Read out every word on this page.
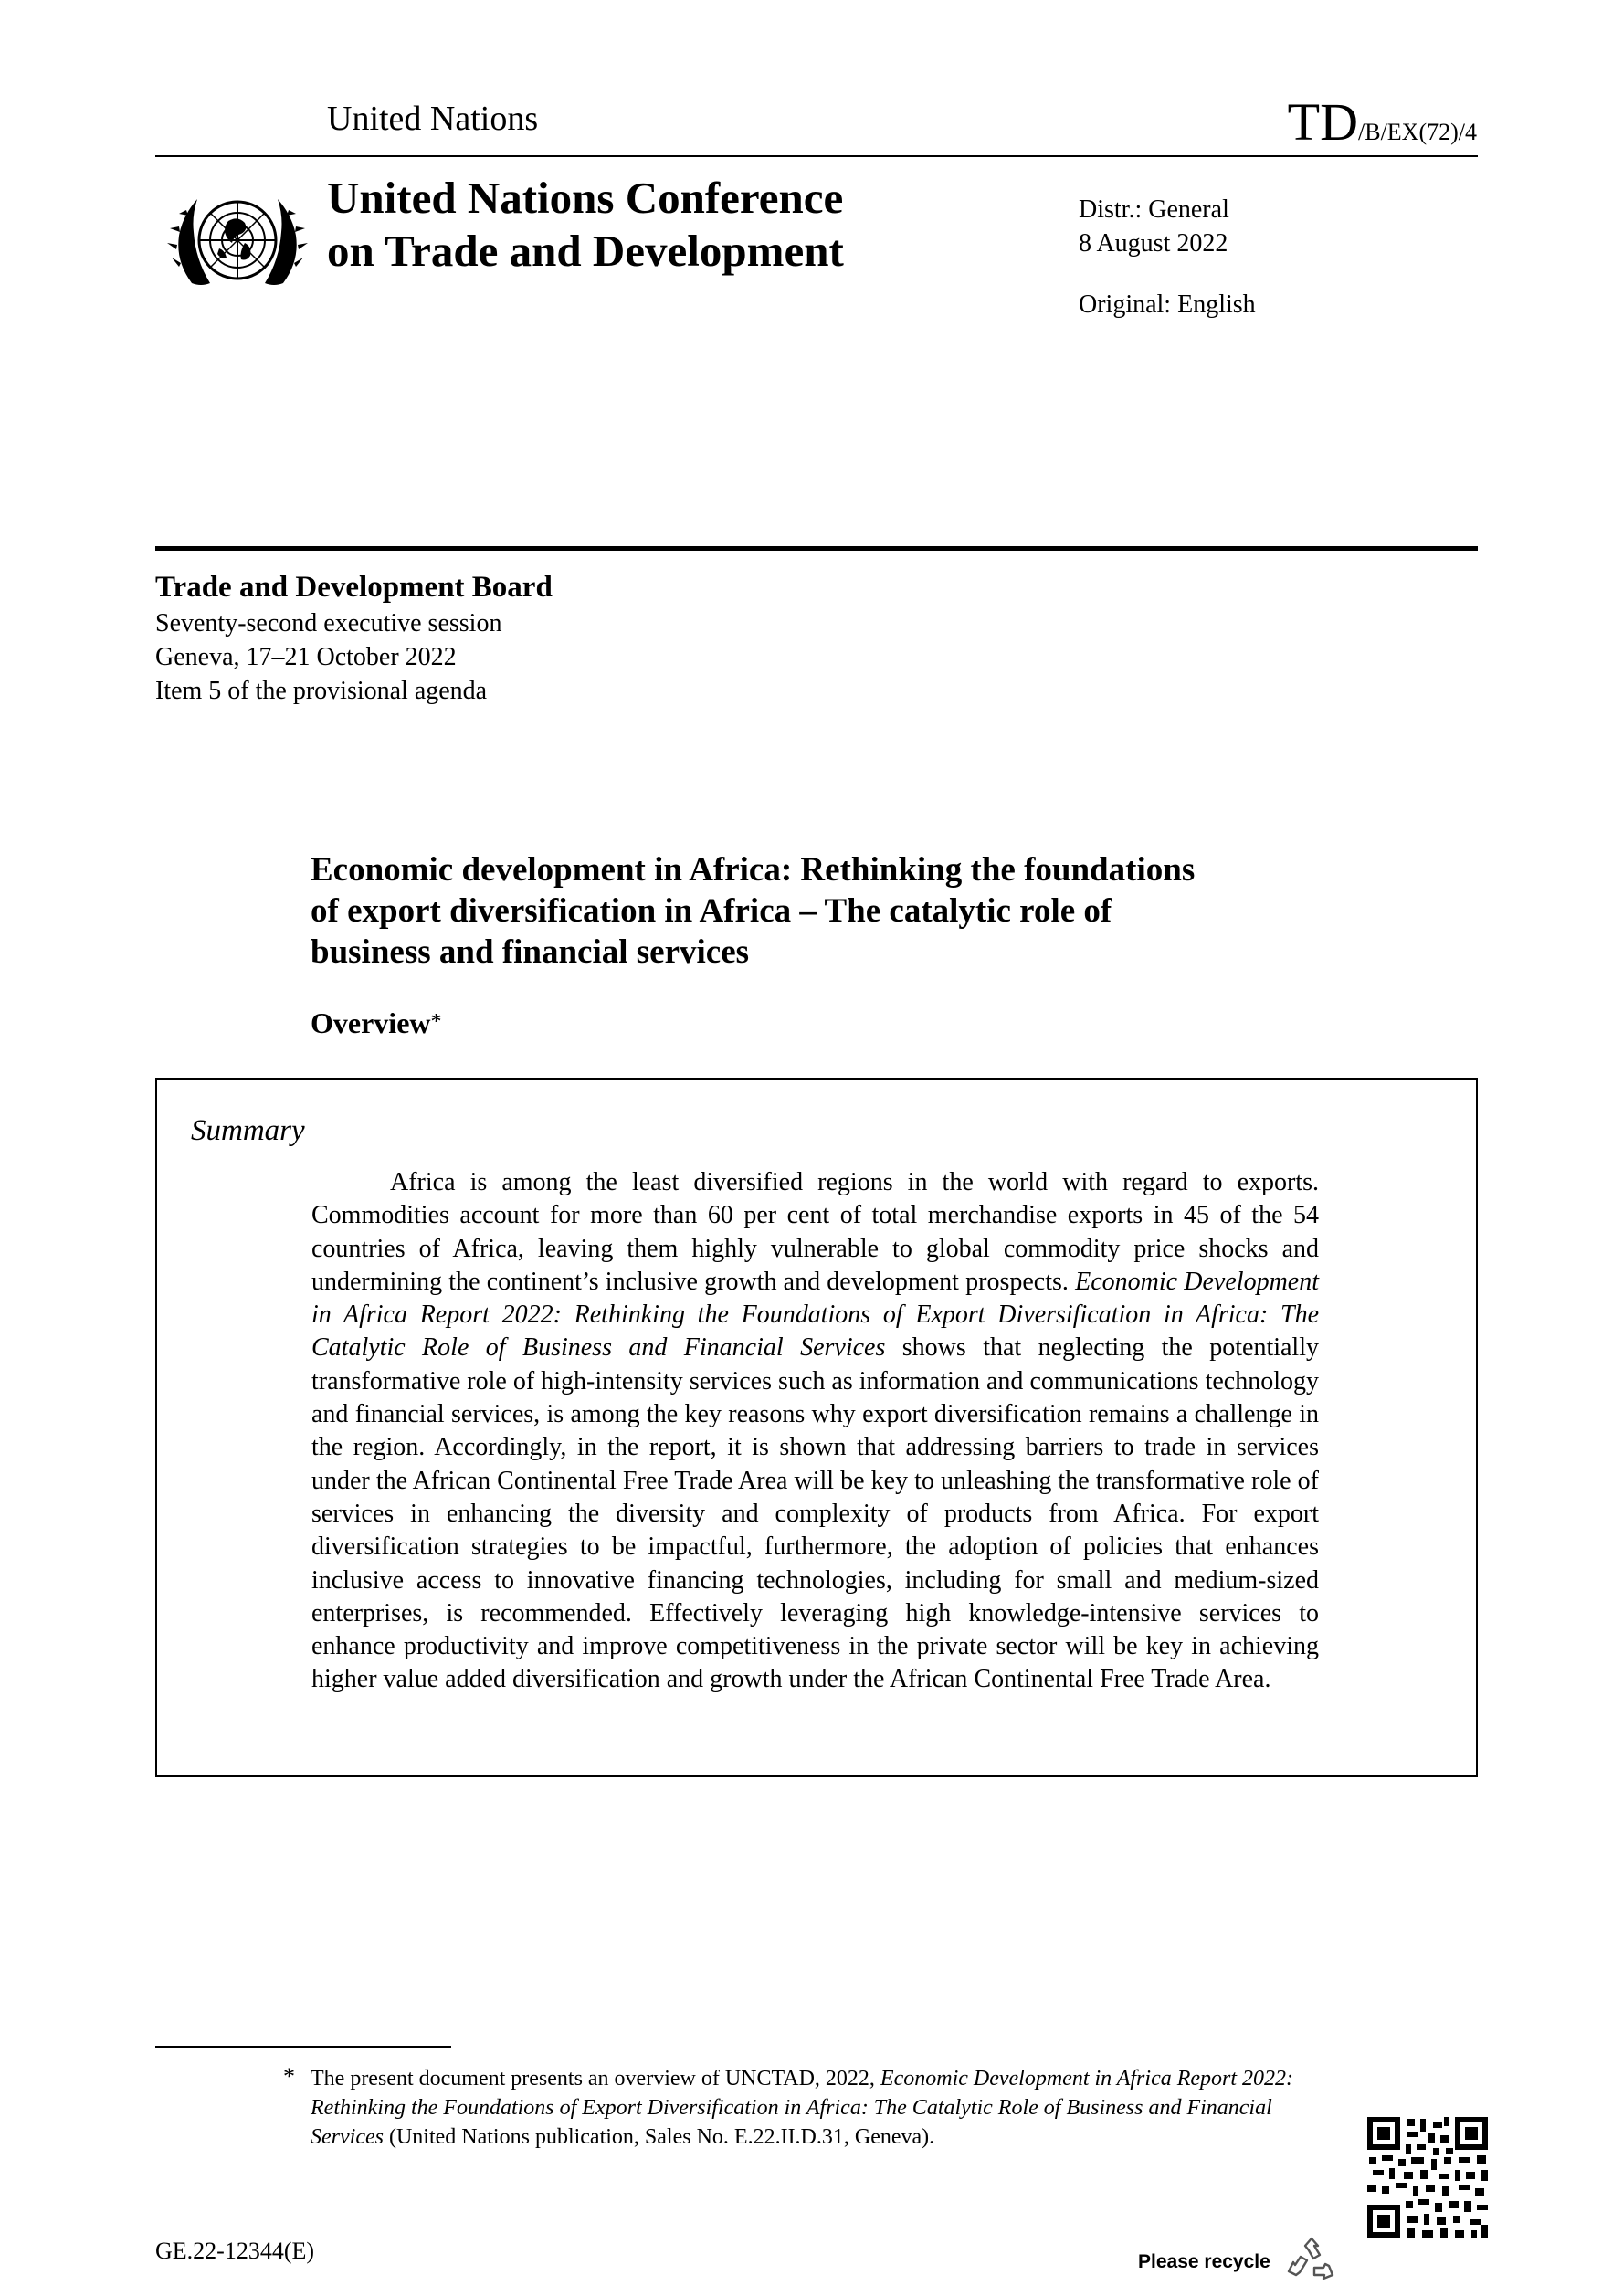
United Nations	TD/B/EX(72)/4
United Nations Conference
on Trade and Development
Distr.: General
8 August 2022
Original: English
Trade and Development Board
Seventy-second executive session
Geneva, 17–21 October 2022
Item 5 of the provisional agenda
Economic development in Africa: Rethinking the foundations
of export diversification in Africa – The catalytic role of
business and financial services
Overview*
Summary
Africa is among the least diversified regions in the world with regard to exports. Commodities account for more than 60 per cent of total merchandise exports in 45 of the 54 countries of Africa, leaving them highly vulnerable to global commodity price shocks and undermining the continent’s inclusive growth and development prospects. Economic Development in Africa Report 2022: Rethinking the Foundations of Export Diversification in Africa: The Catalytic Role of Business and Financial Services shows that neglecting the potentially transformative role of high-intensity services such as information and communications technology and financial services, is among the key reasons why export diversification remains a challenge in the region. Accordingly, in the report, it is shown that addressing barriers to trade in services under the African Continental Free Trade Area will be key to unleashing the transformative role of services in enhancing the diversity and complexity of products from Africa. For export diversification strategies to be impactful, furthermore, the adoption of policies that enhances inclusive access to innovative financing technologies, including for small and medium-sized enterprises, is recommended. Effectively leveraging high knowledge-intensive services to enhance productivity and improve competitiveness in the private sector will be key in achieving higher value added diversification and growth under the African Continental Free Trade Area.
* The present document presents an overview of UNCTAD, 2022, Economic Development in Africa Report 2022: Rethinking the Foundations of Export Diversification in Africa: The Catalytic Role of Business and Financial Services (United Nations publication, Sales No. E.22.II.D.31, Geneva).
GE.22-12344(E)	Please recycle
